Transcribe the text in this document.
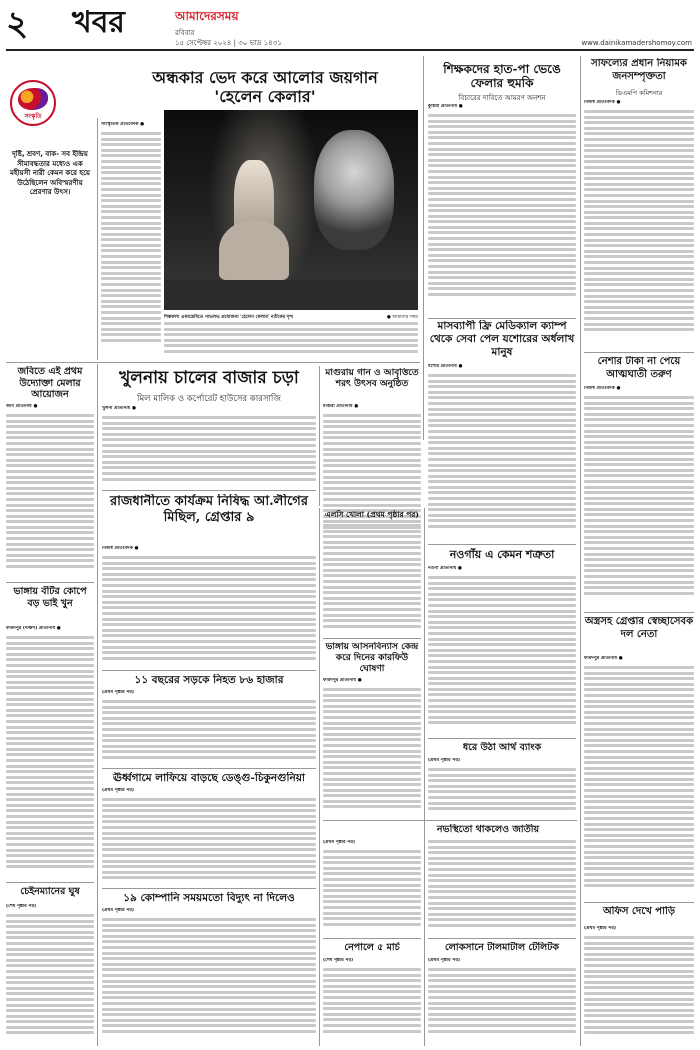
২ খবর	আমাদেরসময়
রবিবার
১৫ সেপ্টেম্বর ২০২৪ | ৩০ ভাদ্র ১৪৩১	www.dainikamadershomoy.com
সংস্কৃতি
অন্ধকার ভেদ করে আলোর জয়গান 'হেলেন কেলার'
দৃষ্টি, শ্রবণ, বাক- সব ইন্দ্রিয় সীমাবদ্ধতার মধ্যেও এক মহীয়সী নারী কেমন করে হয়ে উঠেছিলেন অবিস্মরণীয় প্রেরণার উৎস।
সাংস্কৃতিক প্রতিবেদক ●
শিল্পকলা একাডেমিতে পাভলভ প্রযোজনা 'হেলেন কেলার' নাটকের দৃশ্য	● আমাদের সময়
শিক্ষকদের হাত-পা ভেঙে ফেলার হুমকি
বিচারের দাবিতে আমরণ অনশন
কুষ্টিয়া প্রতিনিধি ●
সাফল্যের প্রধান নিয়ামক জনসম্পৃক্ততা
ডিএমপি কমিশনার
নিজস্ব প্রতিবেদক ●
নেশার টাকা না পেয়ে আত্মঘাতী তরুণ
নিজস্ব প্রতিবেদক ●
অস্ত্রসহ গ্রেপ্তার স্বেচ্ছাসেবক দল নেতা
ফরিদপুর প্রতিনিধি ●
অফিস দেখে পাড়ি
(প্রথম পৃষ্ঠার পর)
মাসব্যাপী ফ্রি মেডিক্যাল ক্যাম্প থেকে সেবা পেল যশোরের অর্ধলাখ মানুষ
যশোর প্রতিনিধি ●
জবিতে এই প্রথম উদ্যোক্তা মেলার আয়োজন
জবি প্রতিনিধি ●
ভাঙ্গায় বঁটির কোপে বড় ভাই খুন
ফরিদপুর (দক্ষিণ) প্রতিনিধি ●
চেইনম্যানের ঘুষ
(শেষ পৃষ্ঠার পর)
খুলনায় চালের বাজার চড়া
মিল মালিক ও কর্পোরেট হাউসের কারসাজি
খুলনা প্রতিনিধি ●
মাগুরায় গান ও আবৃত্তিতে শরৎ উৎসব অনুষ্ঠিত
মাগুরা প্রতিনিধি ●
রাজধানীতে কার্যক্রম নিষিদ্ধ আ.লীগের মিছিল, গ্রেপ্তার ৯
নিজস্ব প্রতিবেদক ●
এলসি খোলা (প্রথম পৃষ্ঠার পর)
ভাঙ্গায় আসনবিন্যাস কেন্দ্র করে দিনের কারফিউ ঘোষণা
ফরিদপুর প্রতিনিধি ●
নওগাঁয় এ কেমন শত্রুতা
নওগাঁ প্রতিনিধি ●
১১ বছরের সড়কে নিহত ৮৬ হাজার
(প্রথম পৃষ্ঠার পর)
ঊর্ধ্বগামে লাফিয়ে বাড়ছে ডেঙ্গু-চিকুনগুনিয়া
(প্রথম পৃষ্ঠার পর)
১৯ কোম্পানি সময়মতো বিদ্যুৎ না দিলেও
(প্রথম পৃষ্ঠার পর)
নভস্থিতো থাকলেও জাতীয়
(প্রথম পৃষ্ঠার পর)
ধরে উঠা আর্থ ব্যাংক
(প্রথম পৃষ্ঠার পর)
নেপালে ৫ মার্চ
(শেষ পৃষ্ঠার পর)
লোকসানে টালমাটাল টেলিটক
(প্রথম পৃষ্ঠার পর)
